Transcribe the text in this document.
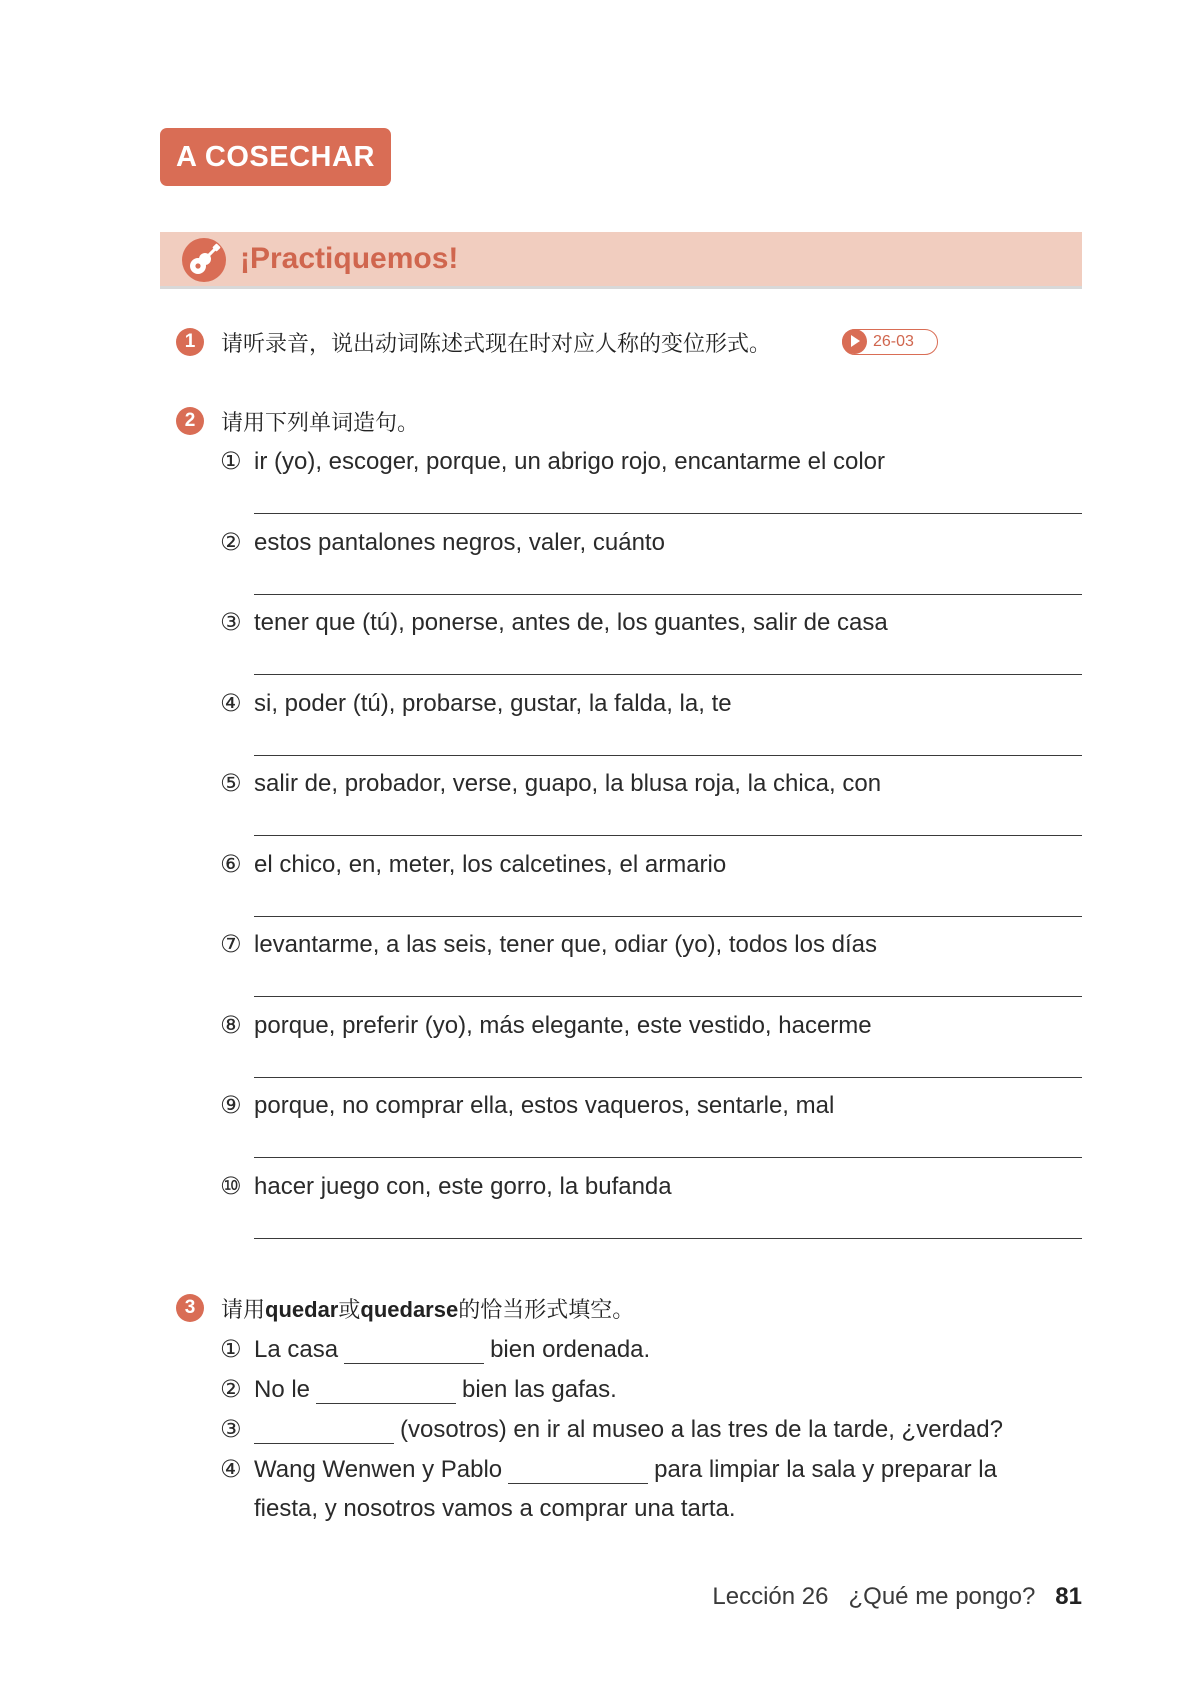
A COSECHAR
¡Practiquemos!
1	请听录音，说出动词陈述式现在时对应人称的变位形式。	26-03
2	请用下列单词造句。
① ir (yo), escoger, porque, un abrigo rojo, encantarme el color
② estos pantalones negros, valer, cuánto
③ tener que (tú), ponerse, antes de, los guantes, salir de casa
④ si, poder (tú), probarse, gustar, la falda, la, te
⑤ salir de, probador, verse, guapo, la blusa roja, la chica, con
⑥ el chico, en, meter, los calcetines, el armario
⑦ levantarme, a las seis, tener que, odiar (yo), todos los días
⑧ porque, preferir (yo), más elegante, este vestido, hacerme
⑨ porque, no comprar ella, estos vaqueros, sentarle, mal
⑩ hacer juego con, este gorro, la bufanda
3	请用quedar或quedarse的恰当形式填空。
① La casa	bien ordenada.
② No le	bien las gafas.
③	(vosotros) en ir al museo a las tres de la tarde, ¿verdad?
④ Wang Wenwen y Pablo	para limpiar la sala y preparar la
fiesta, y nosotros vamos a comprar una tarta.
Lección 26 ¿Qué me pongo? 81
